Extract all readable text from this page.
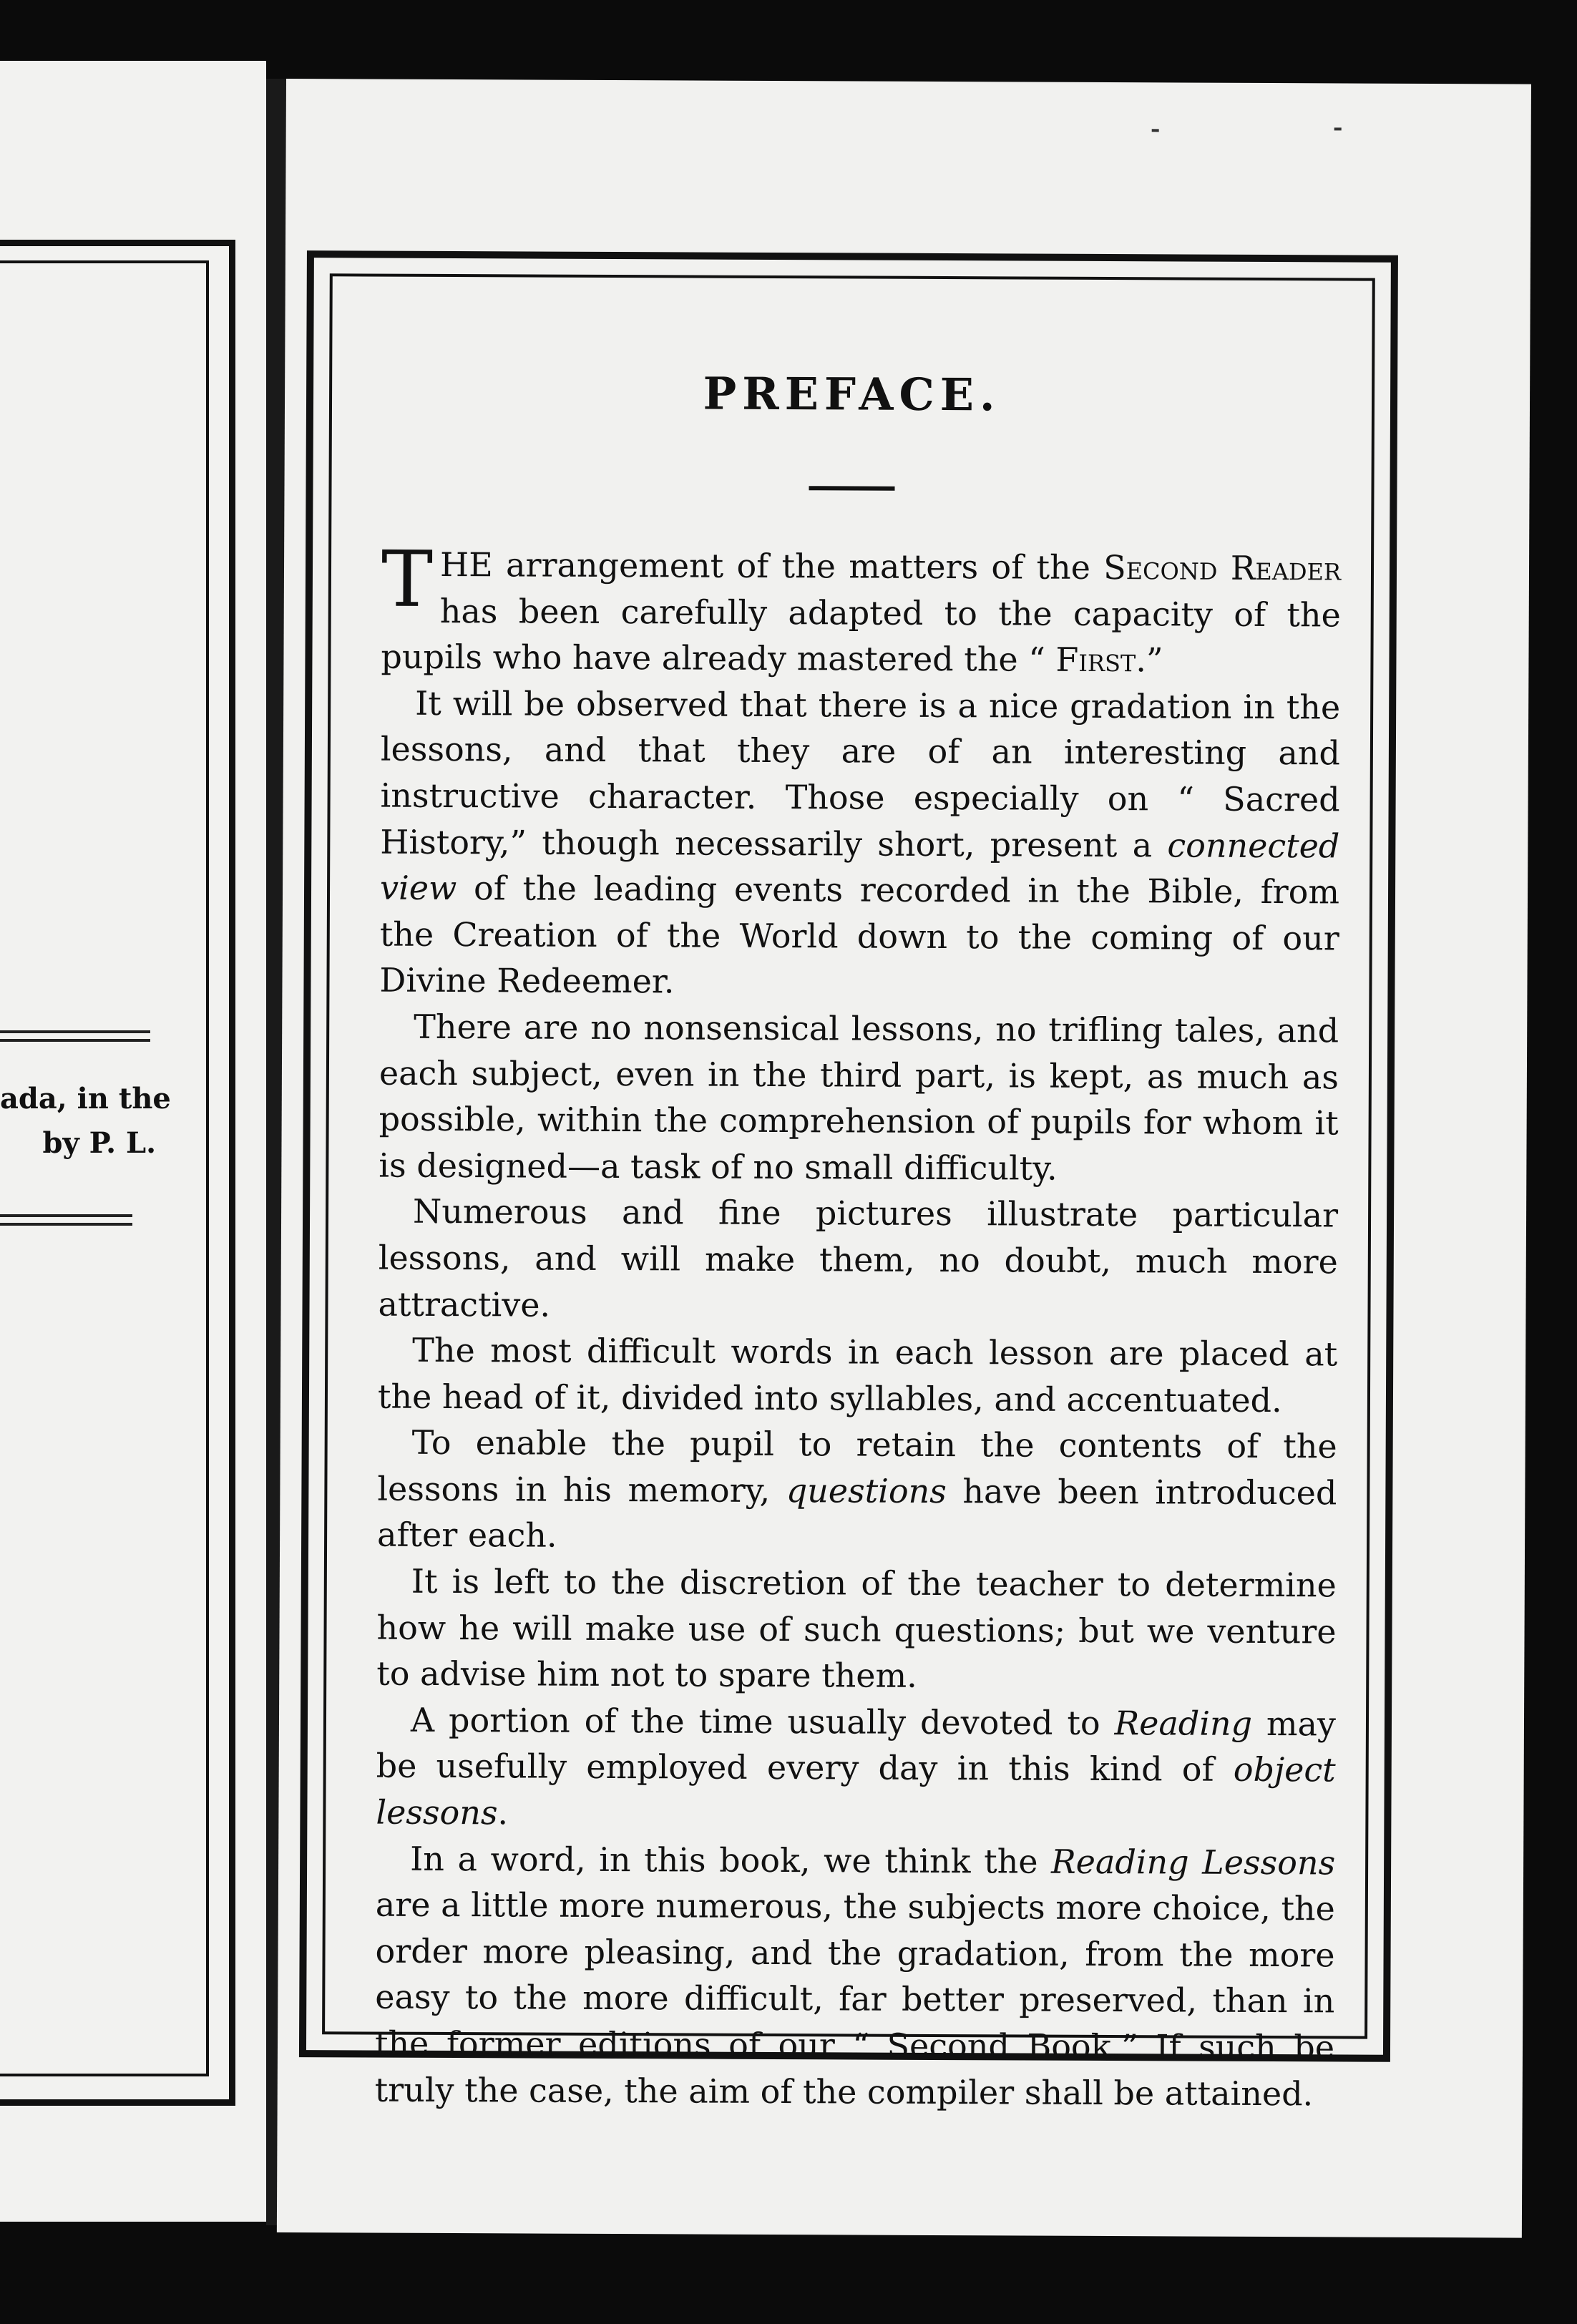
ada, in the
by P. L.
PREFACE.

THE arrangement of the matters of the Second Reader has been carefully adapted to the capacity of the pupils who have already mastered the “ First.”

It will be observed that there is a nice gradation in the lessons, and that they are of an interesting and instructive character. Those especially on “ Sacred History,” though necessarily short, present a connected view of the leading events recorded in the Bible, from the Creation of the World down to the coming of our Divine Redeemer.

There are no nonsensical lessons, no trifling tales, and each subject, even in the third part, is kept, as much as possible, within the comprehension of pupils for whom it is designed—a task of no small difficulty.

Numerous and fine pictures illustrate particular lessons, and will make them, no doubt, much more attractive.

The most difficult words in each lesson are placed at the head of it, divided into syllables, and accentuated.

To enable the pupil to retain the contents of the lessons in his memory, questions have been introduced after each.

It is left to the discretion of the teacher to determine how he will make use of such questions; but we venture to advise him not to spare them.

A portion of the time usually devoted to Reading may be usefully employed every day in this kind of object lessons.

In a word, in this book, we think the Reading Lessons are a little more numerous, the subjects more choice, the order more pleasing, and the gradation, from the more easy to the more difficult, far better preserved, than in the former editions of our “ Second Book.” If such be truly the case, the aim of the compiler shall be attained.
